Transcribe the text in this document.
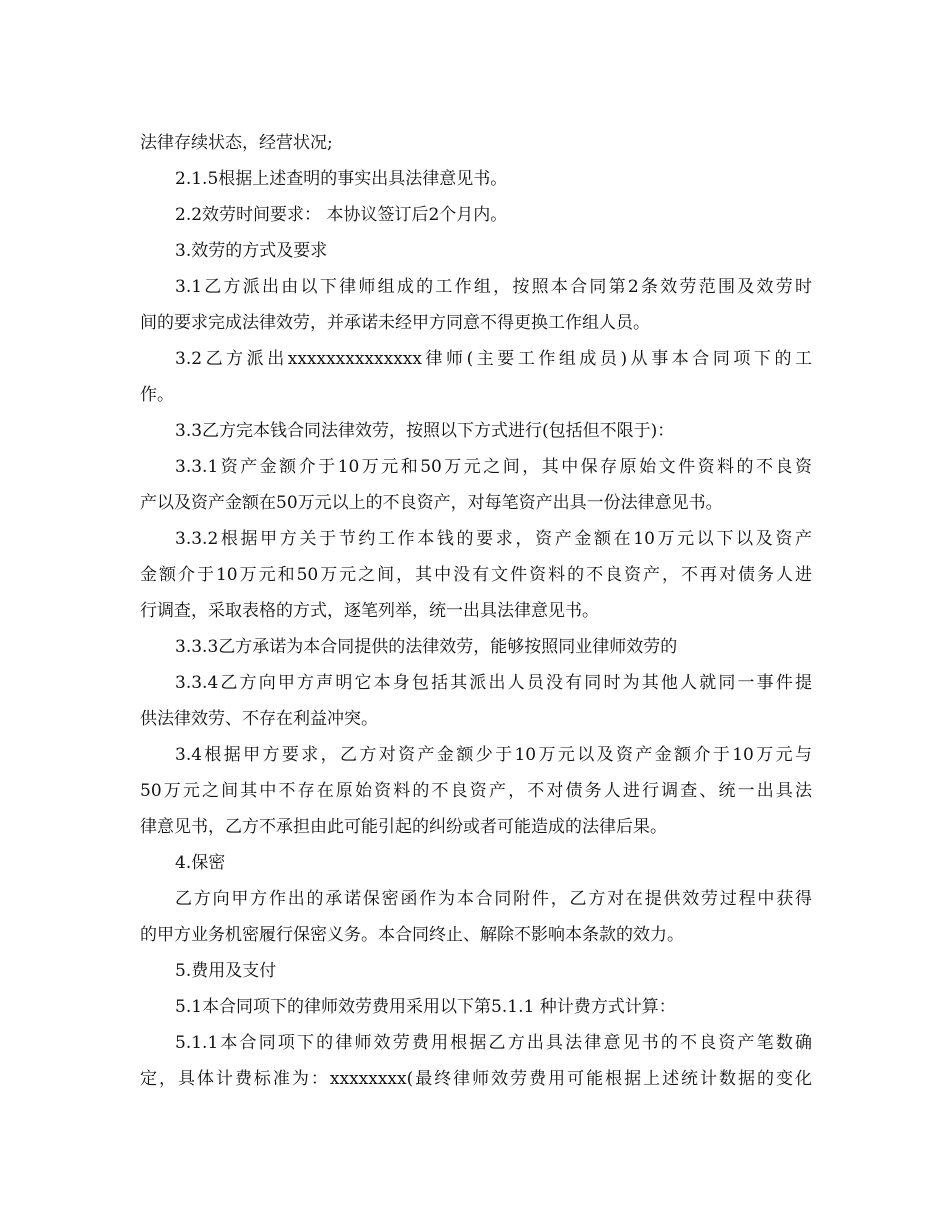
法律存续状态，经营状况;
2.1.5根据上述查明的事实出具法律意见书。
2.2效劳时间要求： 本协议签订后2个月内。
3.效劳的方式及要求
3.1乙方派出由以下律师组成的工作组，按照本合同第2条效劳范围及效劳时
间的要求完成法律效劳，并承诺未经甲方同意不得更换工作组人员。
3.2乙方派出xxxxxxxxxxxxxx律师(主要工作组成员)从事本合同项下的工
作。
3.3乙方完本钱合同法律效劳，按照以下方式进行(包括但不限于)：
3.3.1资产金额介于10万元和50万元之间，其中保存原始文件资料的不良资
产以及资产金额在50万元以上的不良资产，对每笔资产出具一份法律意见书。
3.3.2根据甲方关于节约工作本钱的要求，资产金额在10万元以下以及资产
金额介于10万元和50万元之间，其中没有文件资料的不良资产，不再对债务人进
行调查，采取表格的方式，逐笔列举，统一出具法律意见书。
3.3.3乙方承诺为本合同提供的法律效劳，能够按照同业律师效劳的
3.3.4乙方向甲方声明它本身包括其派出人员没有同时为其他人就同一事件提
供法律效劳、不存在利益冲突。
3.4根据甲方要求，乙方对资产金额少于10万元以及资产金额介于10万元与
50万元之间其中不存在原始资料的不良资产，不对债务人进行调查、统一出具法
律意见书，乙方不承担由此可能引起的纠纷或者可能造成的法律后果。
4.保密
乙方向甲方作出的承诺保密函作为本合同附件，乙方对在提供效劳过程中获得
的甲方业务机密履行保密义务。本合同终止、解除不影响本条款的效力。
5.费用及支付
5.1本合同项下的律师效劳费用采用以下第5.1.1 种计费方式计算：
5.1.1本合同项下的律师效劳费用根据乙方出具法律意见书的不良资产笔数确
定，具体计费标准为：xxxxxxxx(最终律师效劳费用可能根据上述统计数据的变化
